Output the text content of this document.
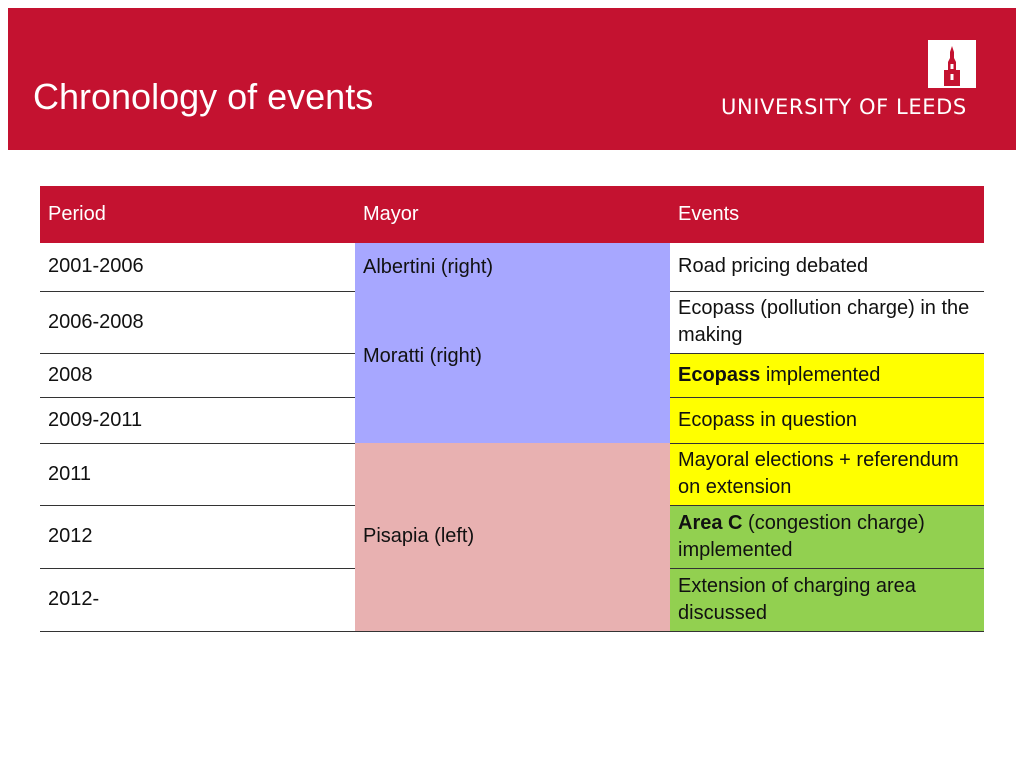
Chronology of events	UNIVERSITY OF LEEDS
Period	Mayor	Events
2001-2006	Albertini (right)	Road pricing debated
2006-2008	Moratti (right)	Ecopass (pollution charge) in the making
2008		Ecopass implemented
2009-2011		Ecopass in question
2011	Pisapia (left)	Mayoral elections + referendum on extension
2012		Area C (congestion charge) implemented
2012-		Extension of charging area discussed
